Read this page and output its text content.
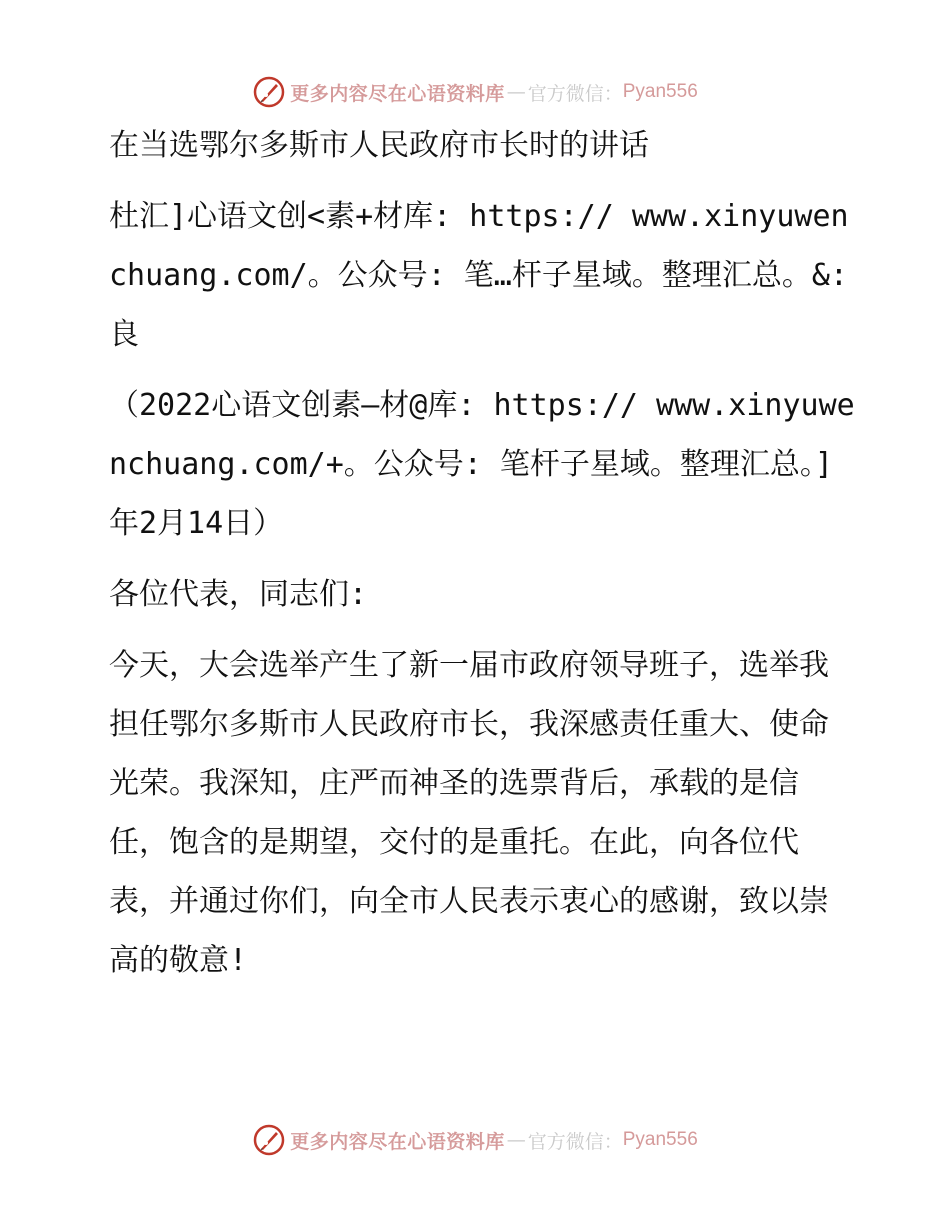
更多内容尽在心语资料库 — 官方微信： Pyan556

在当选鄂尔多斯市人民政府市长时的讲话

杜汇]心语文创<素+材库: https:// www.xinyuwenchuang.com/。公众号: 笔…杆子星域。整理汇总。&: 良

（2022心语文创素—材@库: https:// www.xinyuwenchuang.com/+。公众号: 笔杆子星域。整理汇总。]年2月14日）

各位代表，同志们:

今天，大会选举产生了新一届市政府领导班子，选举我担任鄂尔多斯市人民政府市长，我深感责任重大、使命光荣。我深知，庄严而神圣的选票背后，承载的是信任，饱含的是期望，交付的是重托。在此，向各位代表，并通过你们，向全市人民表示衷心的感谢，致以崇高的敬意!

更多内容尽在心语资料库 — 官方微信： Pyan556
